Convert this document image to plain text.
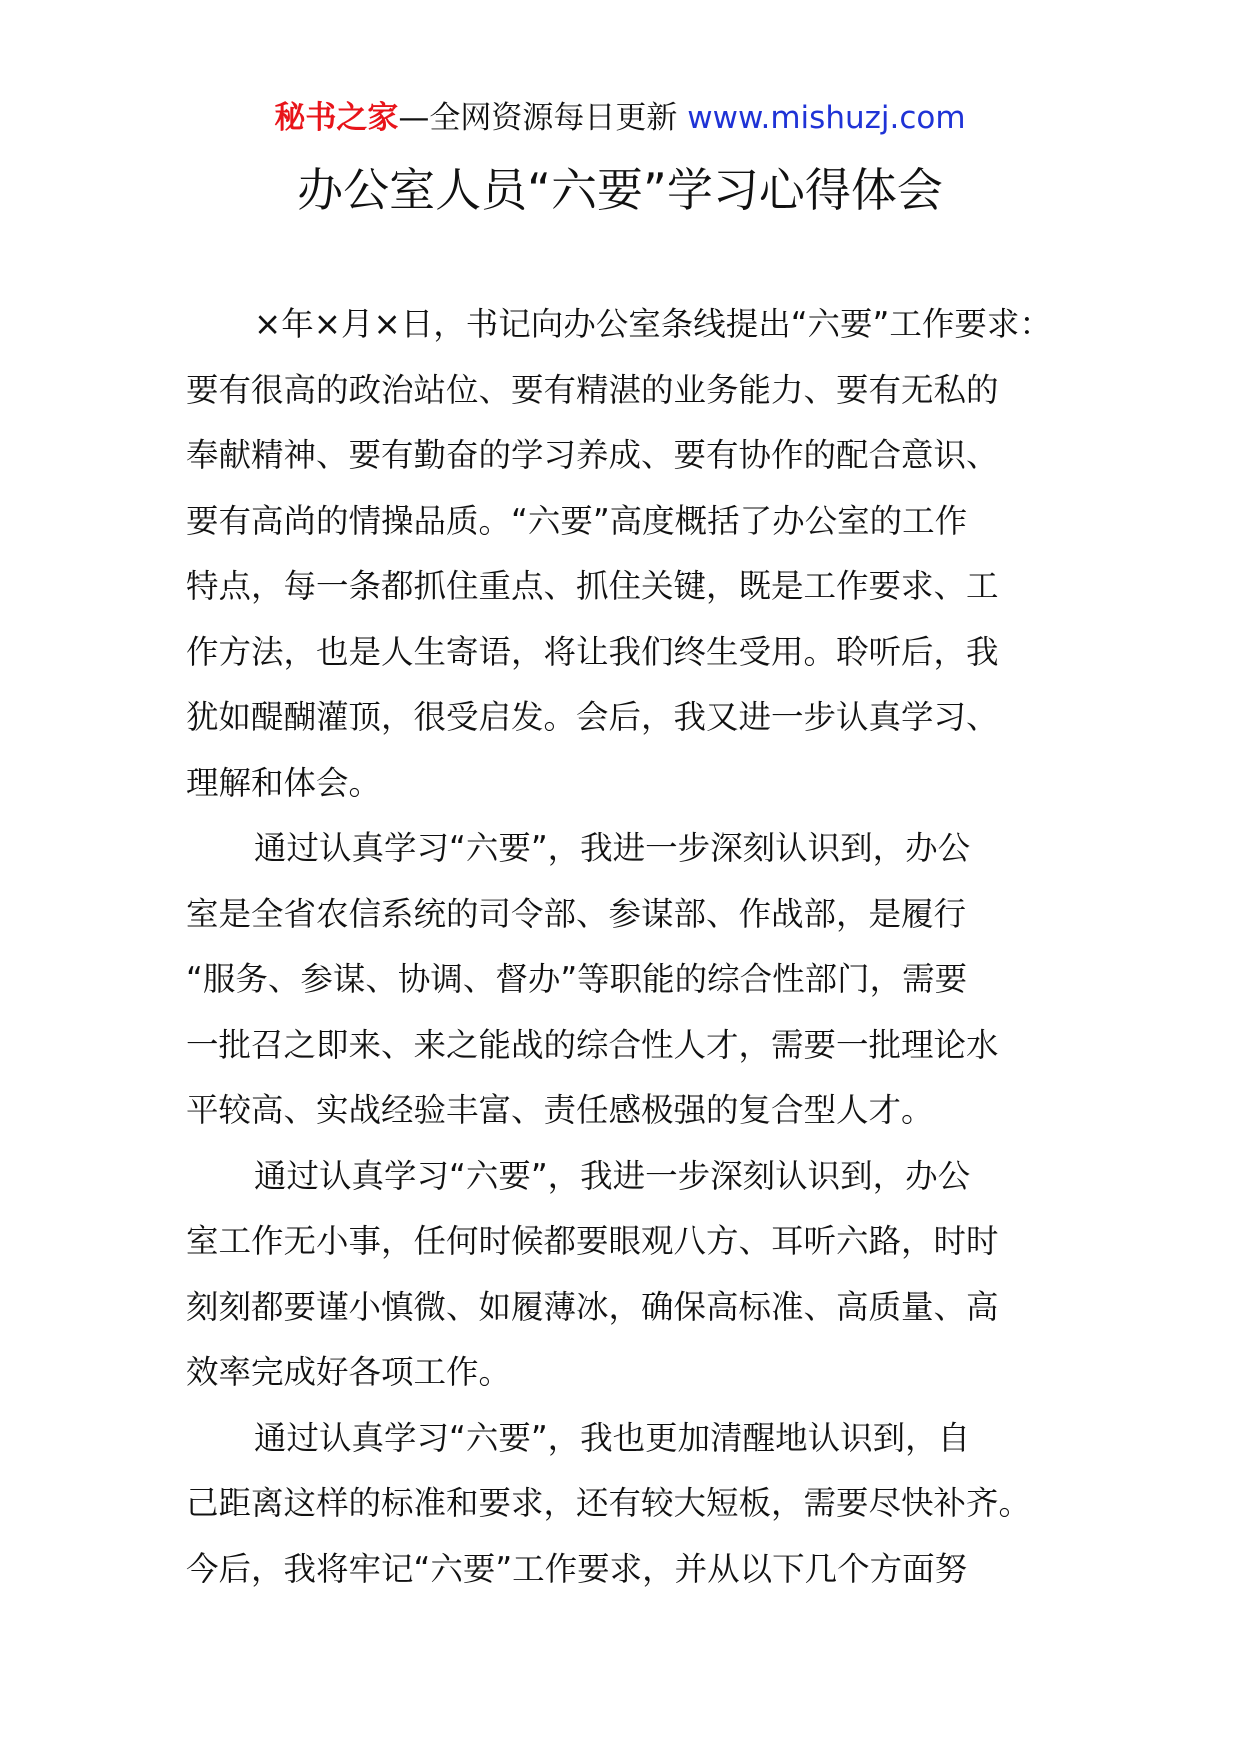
秘书之家—全网资源每日更新 www.mishuzj.com
办公室人员“六要”学习心得体会
×年×月×日，书记向办公室条线提出“六要”工作要求：
要有很高的政治站位、要有精湛的业务能力、要有无私的
奉献精神、要有勤奋的学习养成、要有协作的配合意识、
要有高尚的情操品质。“六要”高度概括了办公室的工作
特点，每一条都抓住重点、抓住关键，既是工作要求、工
作方法，也是人生寄语，将让我们终生受用。聆听后，我
犹如醍醐灌顶，很受启发。会后，我又进一步认真学习、
理解和体会。
通过认真学习“六要”，我进一步深刻认识到，办公
室是全省农信系统的司令部、参谋部、作战部，是履行
“服务、参谋、协调、督办”等职能的综合性部门，需要
一批召之即来、来之能战的综合性人才，需要一批理论水
平较高、实战经验丰富、责任感极强的复合型人才。
通过认真学习“六要”，我进一步深刻认识到，办公
室工作无小事，任何时候都要眼观八方、耳听六路，时时
刻刻都要谨小慎微、如履薄冰，确保高标准、高质量、高
效率完成好各项工作。
通过认真学习“六要”，我也更加清醒地认识到，自
己距离这样的标准和要求，还有较大短板，需要尽快补齐。
今后，我将牢记“六要”工作要求，并从以下几个方面努
